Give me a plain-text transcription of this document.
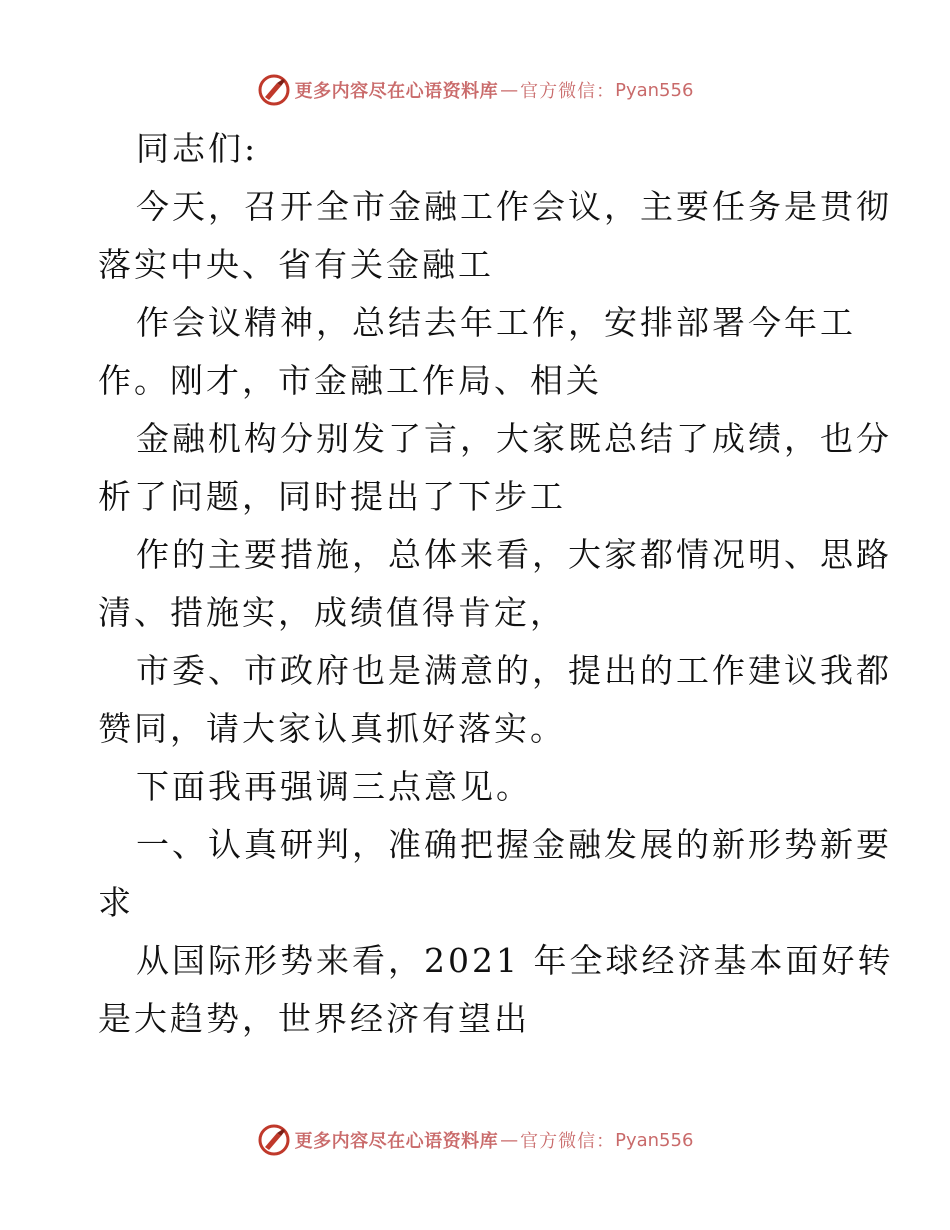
更多内容尽在心语资料库 — 官方微信： Pyan556
同志们:
今天，召开全市金融工作会议，主要任务是贯彻
落实中央、省有关金融工
作会议精神，总结去年工作，安排部署今年工
作。刚才，市金融工作局、相关
金融机构分别发了言，大家既总结了成绩，也分
析了问题，同时提出了下步工
作的主要措施，总体来看，大家都情况明、思路
清、措施实，成绩值得肯定，
市委、市政府也是满意的，提出的工作建议我都
赞同，请大家认真抓好落实。
下面我再强调三点意见。
一、认真研判，准确把握金融发展的新形势新要
求
从国际形势来看，2021 年全球经济基本面好转
是大趋势，世界经济有望出
更多内容尽在心语资料库 — 官方微信： Pyan556
